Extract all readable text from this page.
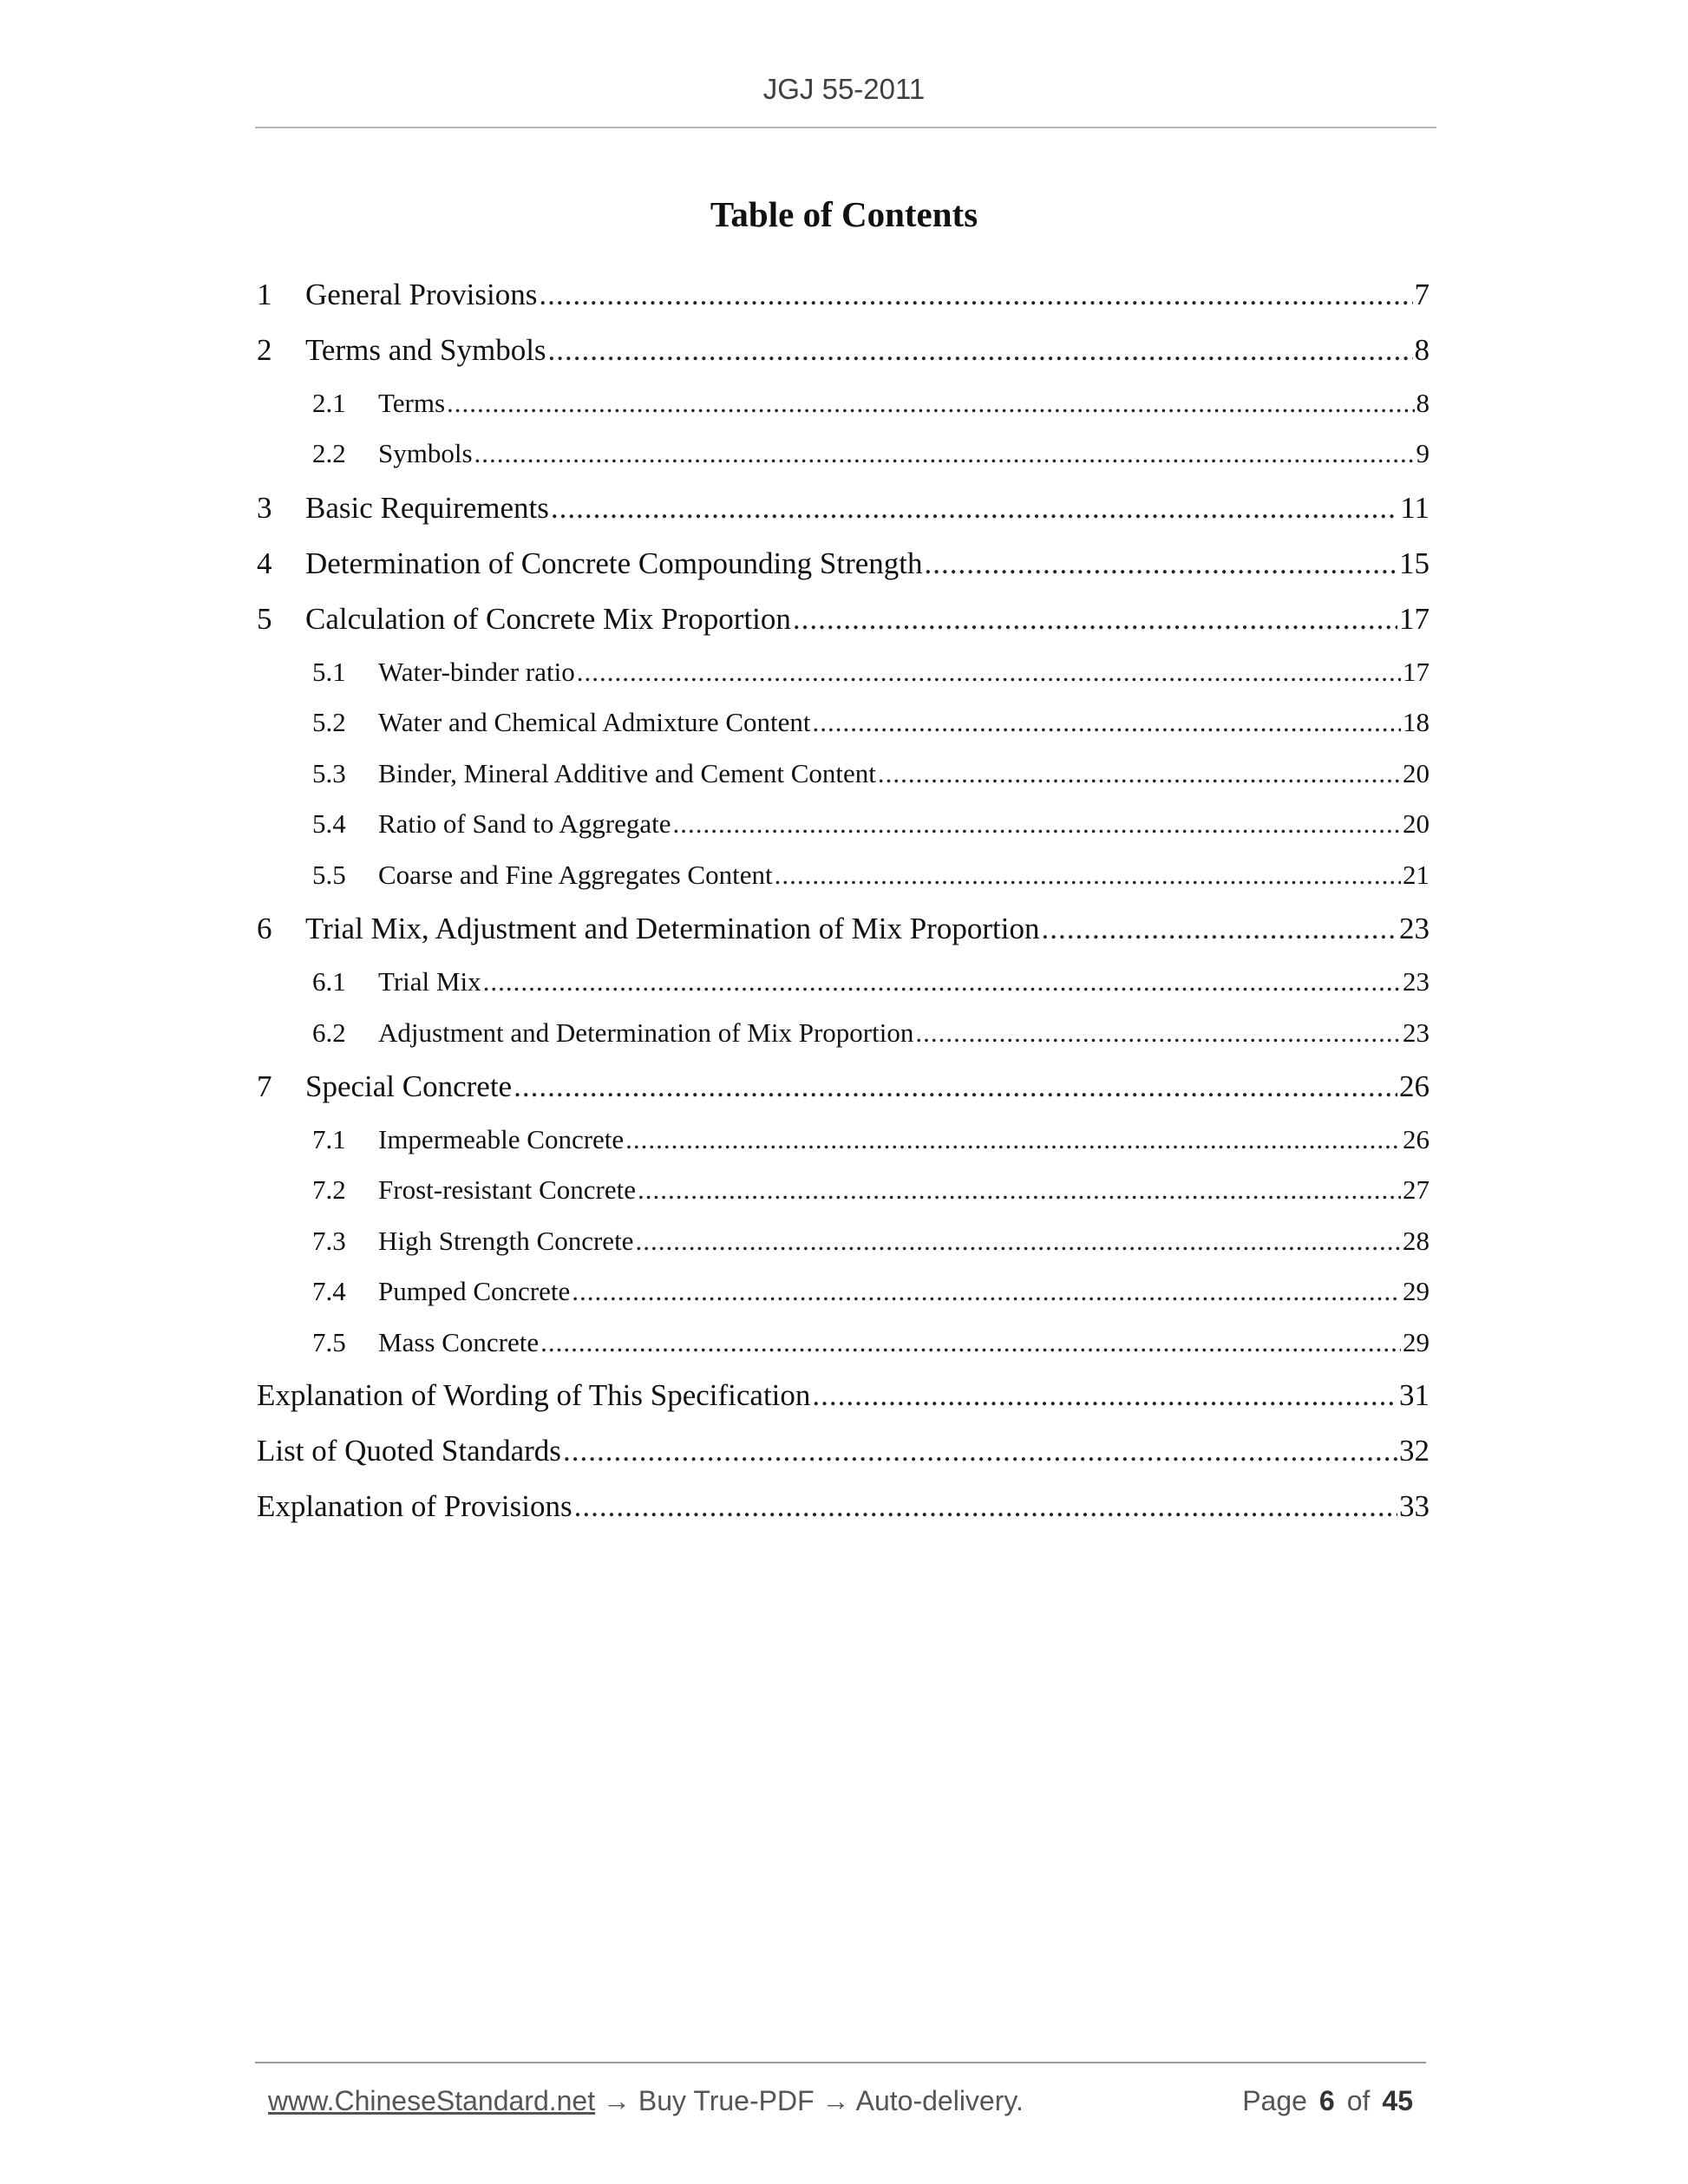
JGJ 55-2011
Table of Contents
1	General Provisions .....	7
2	Terms and Symbols .....	8
2.1	Terms .....	8
2.2	Symbols .....	9
3	Basic Requirements .....	11
4	Determination of Concrete Compounding Strength .....	15
5	Calculation of Concrete Mix Proportion .....	17
5.1	Water-binder ratio .....	17
5.2	Water and Chemical Admixture Content .....	18
5.3	Binder, Mineral Additive and Cement Content .....	20
5.4	Ratio of Sand to Aggregate .....	20
5.5	Coarse and Fine Aggregates Content .....	21
6	Trial Mix, Adjustment and Determination of Mix Proportion .....	23
6.1	Trial Mix .....	23
6.2	Adjustment and Determination of Mix Proportion .....	23
7	Special Concrete .....	26
7.1	Impermeable Concrete .....	26
7.2	Frost-resistant Concrete .....	27
7.3	High Strength Concrete .....	28
7.4	Pumped Concrete .....	29
7.5	Mass Concrete .....	29
Explanation of Wording of This Specification .....	31
List of Quoted Standards .....	32
Explanation of Provisions .....	33
www.ChineseStandard.net → Buy True-PDF → Auto-delivery.	Page 6 of 45
